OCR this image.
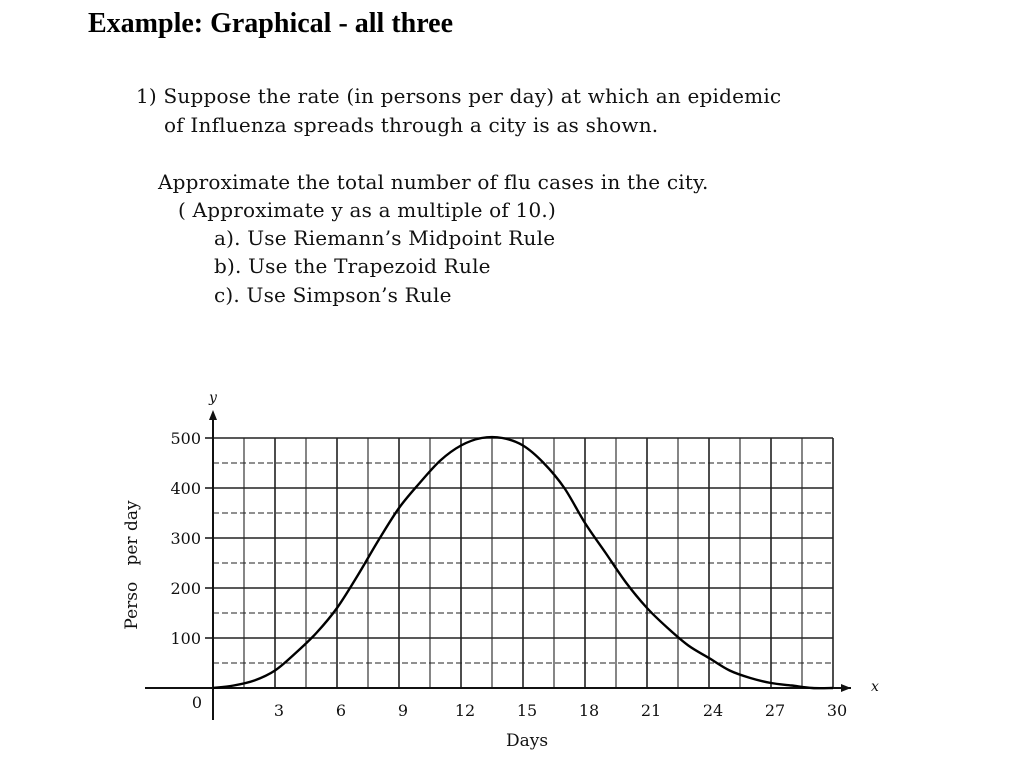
Example: Graphical - all three
1) Suppose the rate (in persons per day) at which an epidemic
of Influenza spreads through a city is as shown.
Approximate the total number of flu cases in the city.
( Approximate y as a multiple of 10.)
a). Use Riemann’s Midpoint Rule
b). Use the Trapezoid Rule
c). Use Simpson’s Rule
100
200
300
400
500
0	3	6	9	12	15	18	21	24	27	30
Days
Perso   per day
x
y
